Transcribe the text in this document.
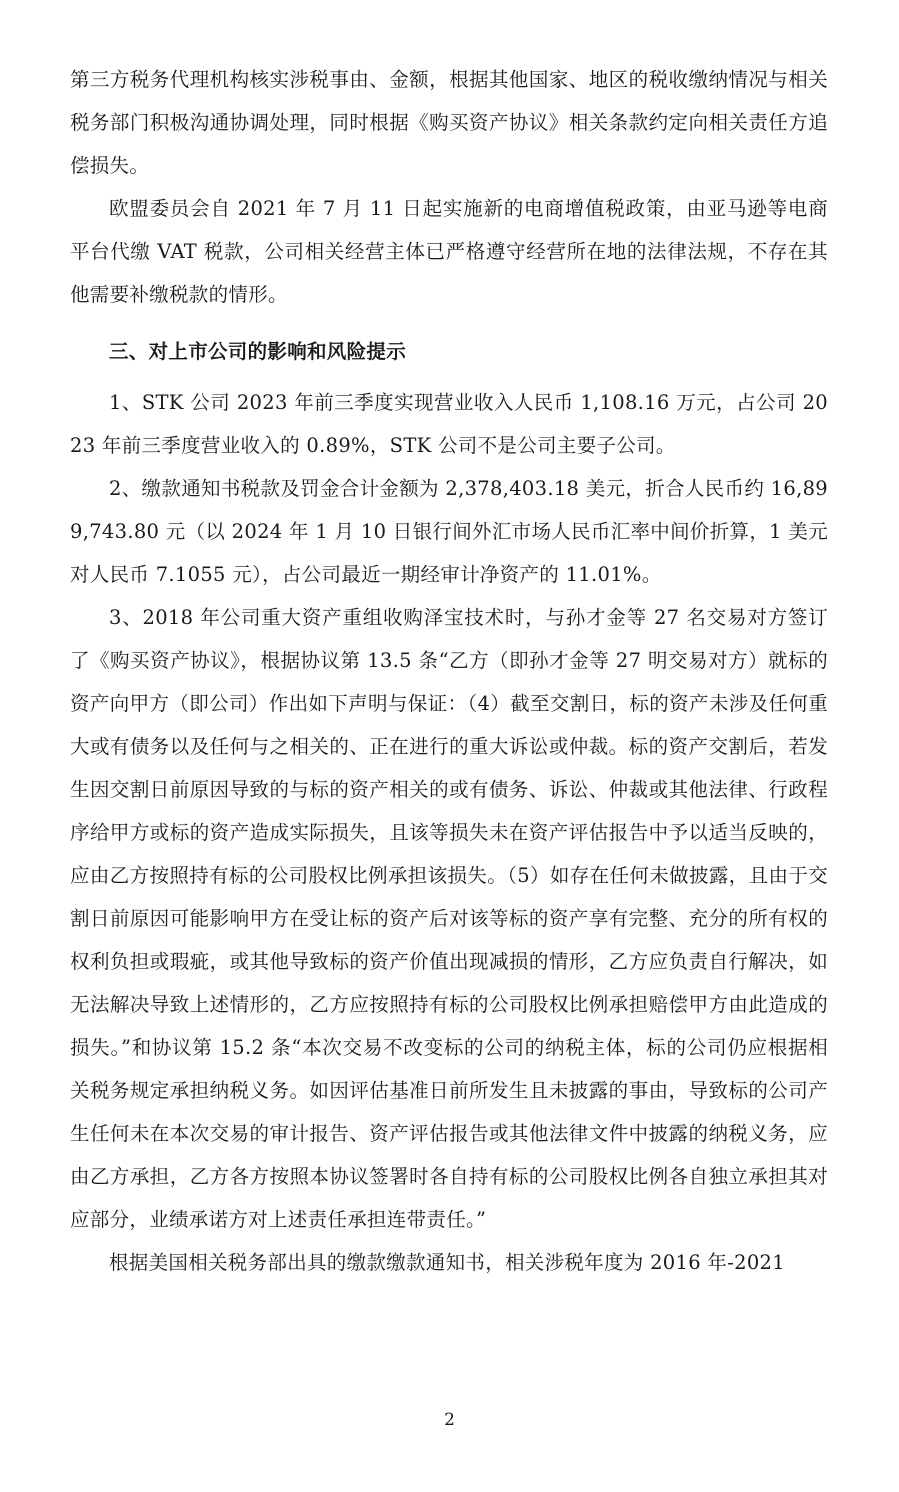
第三方税务代理机构核实涉税事由、金额，根据其他国家、地区的税收缴纳情况与相关税务部门积极沟通协调处理，同时根据《购买资产协议》相关条款约定向相关责任方追偿损失。

欧盟委员会自 2021 年 7 月 11 日起实施新的电商增值税政策，由亚马逊等电商平台代缴 VAT 税款，公司相关经营主体已严格遵守经营所在地的法律法规，不存在其他需要补缴税款的情形。

三、对上市公司的影响和风险提示

1、STK 公司 2023 年前三季度实现营业收入人民币 1,108.16 万元，占公司 2023 年前三季度营业收入的 0.89%，STK 公司不是公司主要子公司。

2、缴款通知书税款及罚金合计金额为 2,378,403.18 美元，折合人民币约 16,899,743.80 元（以 2024 年 1 月 10 日银行间外汇市场人民币汇率中间价折算，1 美元对人民币 7.1055 元），占公司最近一期经审计净资产的 11.01%。

3、2018 年公司重大资产重组收购泽宝技术时，与孙才金等 27 名交易对方签订了《购买资产协议》，根据协议第 13.5 条“乙方（即孙才金等 27 明交易对方）就标的资产向甲方（即公司）作出如下声明与保证：（4）截至交割日，标的资产未涉及任何重大或有债务以及任何与之相关的、正在进行的重大诉讼或仲裁。标的资产交割后，若发生因交割日前原因导致的与标的资产相关的或有债务、诉讼、仲裁或其他法律、行政程序给甲方或标的资产造成实际损失，且该等损失未在资产评估报告中予以适当反映的，应由乙方按照持有标的公司股权比例承担该损失。（5）如存在任何未做披露，且由于交割日前原因可能影响甲方在受让标的资产后对该等标的资产享有完整、充分的所有权的权利负担或瑕疵，或其他导致标的资产价值出现减损的情形，乙方应负责自行解决，如无法解决导致上述情形的，乙方应按照持有标的公司股权比例承担赔偿甲方由此造成的损失。”和协议第 15.2 条“本次交易不改变标的公司的纳税主体，标的公司仍应根据相关税务规定承担纳税义务。如因评估基准日前所发生且未披露的事由，导致标的公司产生任何未在本次交易的审计报告、资产评估报告或其他法律文件中披露的纳税义务，应由乙方承担，乙方各方按照本协议签署时各自持有标的公司股权比例各自独立承担其对应部分，业绩承诺方对上述责任承担连带责任。”

根据美国相关税务部出具的缴款缴款通知书，相关涉税年度为 2016 年-2021

2
